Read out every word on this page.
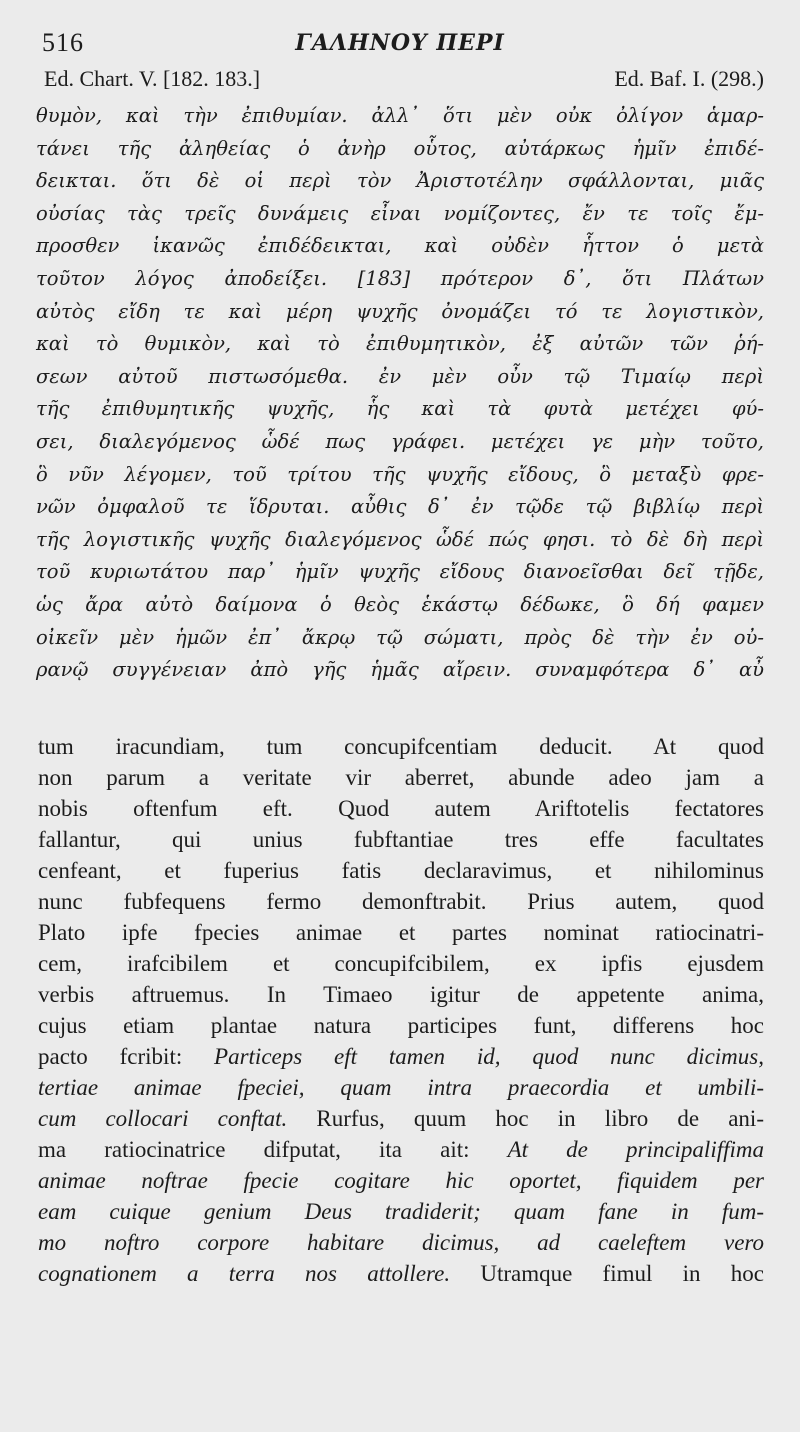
516	ΓΑΛΗΝΟΥ ΠΕΡΙ
Ed. Chart. V. [182. 183.]	Ed. Baf. I. (298.)
θυμὸν, καὶ τὴν ἐπιθυμίαν. ἀλλ᾽ ὅτι μὲν οὐκ ὀλίγον ἁμαρ-
τάνει τῆς ἀληθείας ὁ ἀνὴρ οὗτος, αὐτάρκως ἡμῖν ἐπιδέ-
δεικται. ὅτι δὲ οἱ περὶ τὸν Ἀριστοτέλην σφάλλονται, μιᾶς
οὐσίας τὰς τρεῖς δυνάμεις εἶναι νομίζοντες, ἔν τε τοῖς ἔμ-
προσθεν ἱκανῶς ἐπιδέδεικται, καὶ οὐδὲν ἧττον ὁ μετὰ
τοῦτον λόγος ἀποδείξει. [183] πρότερον δ᾽, ὅτι Πλάτων
αὐτὸς εἴδη τε καὶ μέρη ψυχῆς ὀνομάζει τό τε λογιστικὸν,
καὶ τὸ θυμικὸν, καὶ τὸ ἐπιθυμητικὸν, ἐξ αὐτῶν τῶν ῥή-
σεων αὐτοῦ πιστωσόμεθα. ἐν μὲν οὖν τῷ Τιμαίῳ περὶ
τῆς ἐπιθυμητικῆς ψυχῆς, ἧς καὶ τὰ φυτὰ μετέχει φύ-
σει, διαλεγόμενος ὧδέ πως γράφει. μετέχει γε μὴν τοῦτο,
ὃ νῦν λέγομεν, τοῦ τρίτου τῆς ψυχῆς εἴδους, ὃ μεταξὺ φρε-
νῶν ὀμφαλοῦ τε ἵδρυται. αὖθις δ᾽ ἐν τῷδε τῷ βιβλίῳ περὶ
τῆς λογιστικῆς ψυχῆς διαλεγόμενος ὧδέ πώς φησι. τὸ δὲ δὴ περὶ
τοῦ κυριωτάτου παρ᾽ ἡμῖν ψυχῆς εἴδους διανοεῖσθαι δεῖ τῇδε,
ὡς ἄρα αὐτὸ δαίμονα ὁ θεὸς ἑκάστῳ δέδωκε, ὃ δή φαμεν
οἰκεῖν μὲν ἡμῶν ἐπ᾽ ἄκρῳ τῷ σώματι, πρὸς δὲ τὴν ἐν οὐ-
ρανῷ συγγένειαν ἀπὸ γῆς ἡμᾶς αἴρειν. συναμφότερα δ᾽ αὖ
tum iracundiam, tum concupifcentiam deducit. At quod
non parum a veritate vir aberret, abunde adeo jam a
nobis oftenfum eft. Quod autem Ariftotelis fectatores
fallantur, qui unius fubftantiae tres effe facultates
cenfeant, et fuperius fatis declaravimus, et nihilominus
nunc fubfequens fermo demonftrabit. Prius autem, quod
Plato ipfe fpecies animae et partes nominat ratiocinatri-
cem, irafcibilem et concupifcibilem, ex ipfis ejusdem
verbis aftruemus. In Timaeo igitur de appetente anima,
cujus etiam plantae natura participes funt, differens hoc
pacto fcribit: Particeps eft tamen id, quod nunc dicimus,
tertiae animae fpeciei, quam intra praecordia et umbili-
cum collocari conftat. Rurfus, quum hoc in libro de ani-
ma ratiocinatrice difputat, ita ait: At de principaliffima
animae noftrae fpecie cogitare hic oportet, fiquidem per
eam cuique genium Deus tradiderit; quam fane in fum-
mo noftro corpore habitare dicimus, ad caeleftem vero
cognationem a terra nos attollere. Utramque fimul in hoc
